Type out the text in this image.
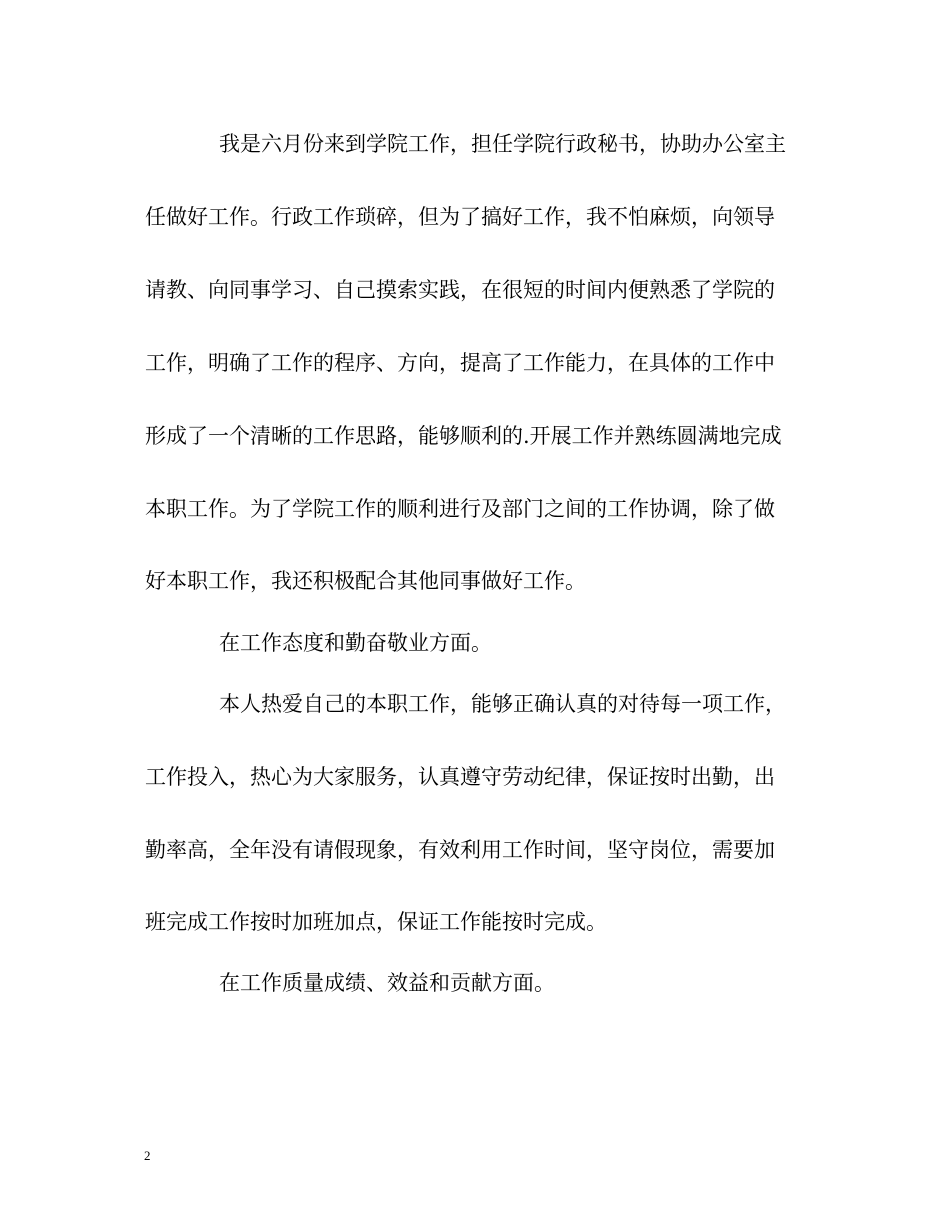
我是六月份来到学院工作，担任学院行政秘书，协助办公室主
任做好工作。行政工作琐碎，但为了搞好工作，我不怕麻烦，向领导
请教、向同事学习、自己摸索实践，在很短的时间内便熟悉了学院的
工作，明确了工作的程序、方向，提高了工作能力，在具体的工作中
形成了一个清晰的工作思路，能够顺利的.开展工作并熟练圆满地完成
本职工作。为了学院工作的顺利进行及部门之间的工作协调，除了做
好本职工作，我还积极配合其他同事做好工作。
在工作态度和勤奋敬业方面。
本人热爱自己的本职工作，能够正确认真的对待每一项工作，
工作投入，热心为大家服务，认真遵守劳动纪律，保证按时出勤，出
勤率高，全年没有请假现象，有效利用工作时间，坚守岗位，需要加
班完成工作按时加班加点，保证工作能按时完成。
在工作质量成绩、效益和贡献方面。
2
